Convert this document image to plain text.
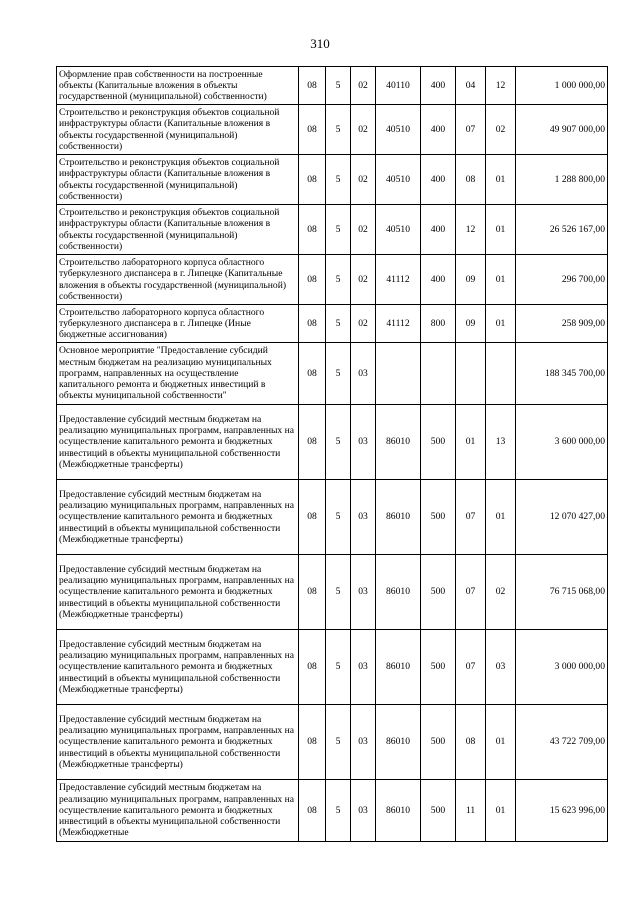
310
Оформление прав собственности на построенные объекты (Капитальные вложения в объекты государственной (муниципальной) собственности)	08	5	02	40110	400	04	12	1 000 000,00
Строительство и реконструкция объектов социальной инфраструктуры области (Капитальные вложения в объекты государственной (муниципальной) собственности)	08	5	02	40510	400	07	02	49 907 000,00
Строительство и реконструкция объектов социальной инфраструктуры области (Капитальные вложения в объекты государственной (муниципальной) собственности)	08	5	02	40510	400	08	01	1 288 800,00
Строительство и реконструкция объектов социальной инфраструктуры области (Капитальные вложения в объекты государственной (муниципальной) собственности)	08	5	02	40510	400	12	01	26 526 167,00
Строительство лабораторного корпуса областного туберкулезного диспансера в г. Липецке (Капитальные вложения в объекты государственной (муниципальной) собственности)	08	5	02	41112	400	09	01	296 700,00
Строительство лабораторного корпуса областного туберкулезного диспансера в г. Липецке (Иные бюджетные ассигнования)	08	5	02	41112	800	09	01	258 909,00
Основное мероприятие "Предоставление субсидий местным бюджетам на реализацию муниципальных программ, направленных на осуществление капитального ремонта и бюджетных инвестиций в объекты муниципальной собственности"	08	5	03					188 345 700,00
Предоставление субсидий местным бюджетам на реализацию муниципальных программ, направленных на осуществление капитального ремонта и бюджетных инвестиций в объекты муниципальной собственности (Межбюджетные трансферты)	08	5	03	86010	500	01	13	3 600 000,00
Предоставление субсидий местным бюджетам на реализацию муниципальных программ, направленных на осуществление капитального ремонта и бюджетных инвестиций в объекты муниципальной собственности (Межбюджетные трансферты)	08	5	03	86010	500	07	01	12 070 427,00
Предоставление субсидий местным бюджетам на реализацию муниципальных программ, направленных на осуществление капитального ремонта и бюджетных инвестиций в объекты муниципальной собственности (Межбюджетные трансферты)	08	5	03	86010	500	07	02	76 715 068,00
Предоставление субсидий местным бюджетам на реализацию муниципальных программ, направленных на осуществление капитального ремонта и бюджетных инвестиций в объекты муниципальной собственности (Межбюджетные трансферты)	08	5	03	86010	500	07	03	3 000 000,00
Предоставление субсидий местным бюджетам на реализацию муниципальных программ, направленных на осуществление капитального ремонта и бюджетных инвестиций в объекты муниципальной собственности (Межбюджетные трансферты)	08	5	03	86010	500	08	01	43 722 709,00
Предоставление субсидий местным бюджетам на реализацию муниципальных программ, направленных на осуществление капитального ремонта и бюджетных инвестиций в объекты муниципальной собственности (Межбюджетные	08	5	03	86010	500	11	01	15 623 996,00
